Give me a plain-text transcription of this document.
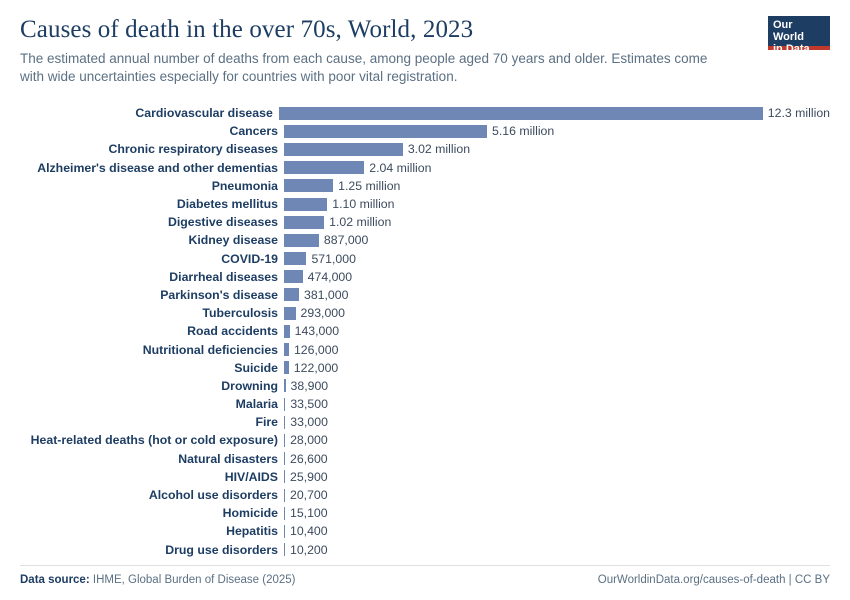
Causes of death in the over 70s, World, 2023

The estimated annual number of deaths from each cause, among people aged 70 years and older. Estimates come with wide uncertainties especially for countries with poor vital registration.

Our World
in Data
Cardiovascular disease	12.3 million
Cancers	5.16 million
Chronic respiratory diseases	3.02 million
Alzheimer's disease and other dementias	2.04 million
Pneumonia	1.25 million
Diabetes mellitus	1.10 million
Digestive diseases	1.02 million
Kidney disease	887,000
COVID-19	571,000
Diarrheal diseases	474,000
Parkinson's disease	381,000
Tuberculosis	293,000
Road accidents	143,000
Nutritional deficiencies	126,000
Suicide	122,000
Drowning	38,900
Malaria	33,500
Fire 33,000
Heat-related deaths (hot or cold exposure) 28,000
Natural disasters 26,600
HIV/AIDS 25,900
Alcohol use disorders 20,700
Homicide 15,100
Hepatitis 10,400
Drug use disorders 10,200
Data source: IHME, Global Burden of Disease (2025)	OurWorldinData.org/causes-of-death | CC BY
